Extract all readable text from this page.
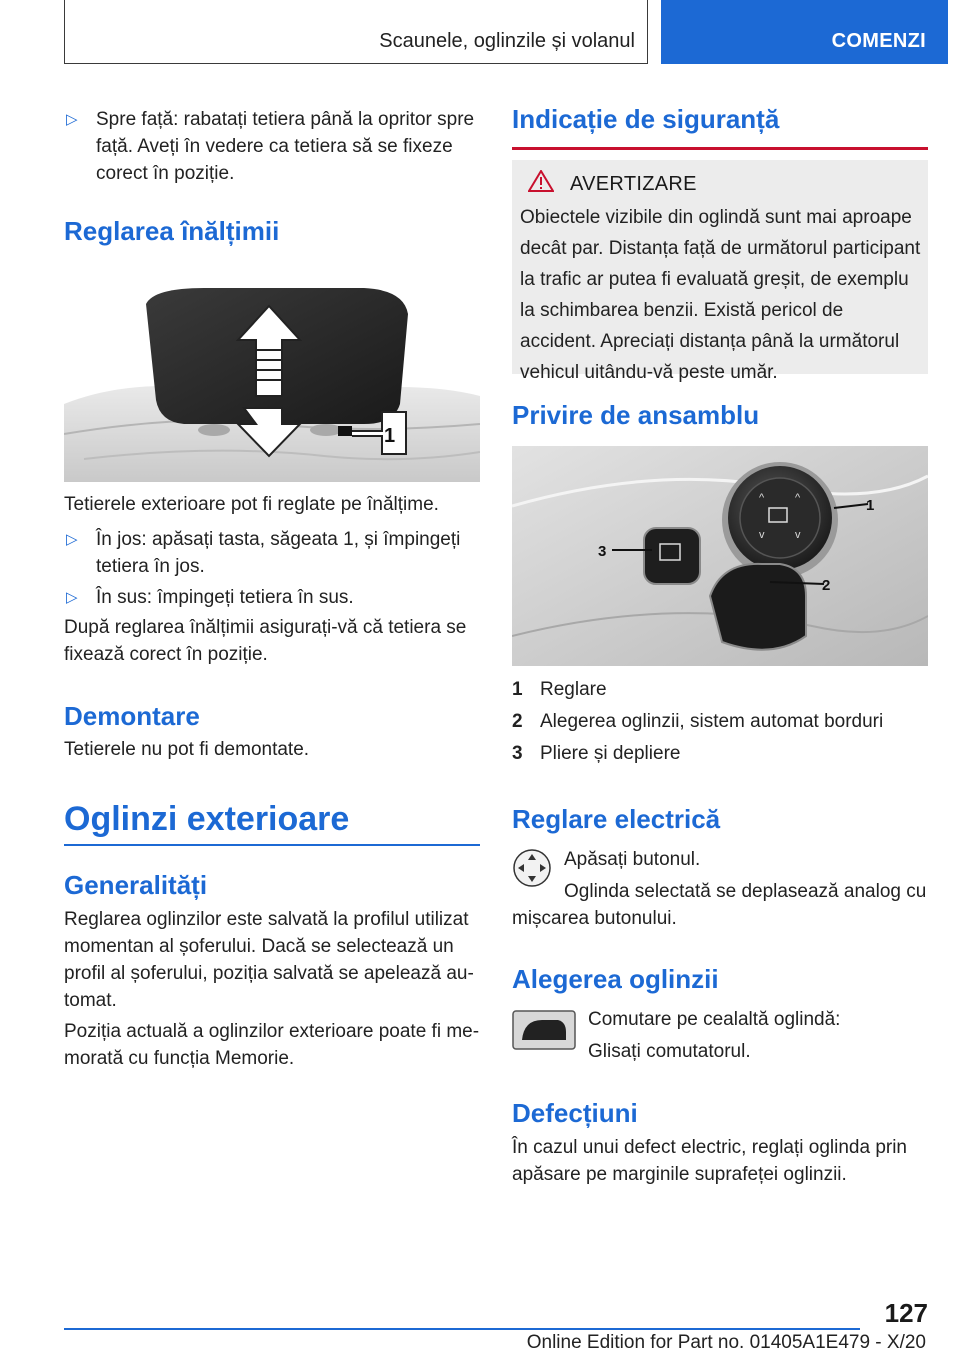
Scaunele, oglinzile și volanul	COMENZI
▷ Spre față: rabatați tetiera până la opritor spre față. Aveți în vedere ca tetiera să se fixeze corect în poziție.
Reglarea înălțimii
1

Tetierele exterioare pot fi reglate pe înălțime.

▷ În jos: apăsați tasta, săgeata 1, și împingeți tetiera în jos.
▷ În sus: împingeți tetiera în sus.

După reglarea înălțimii asigurați-vă că tetiera se fixează corect în poziție.

Demontare

Tetierele nu pot fi demontate.

Oglinzi exterioare
Generalități

Reglarea oglinzilor este salvată la profilul utilizat momentan al șoferului. Dacă se selectează un profil al șoferului, poziția salvată se apelează automat.

Poziția actuală a oglinzilor exterioare poate fi memorată cu funcția Memorie.

Indicație de siguranță
AVERTIZARE

Obiectele vizibile din oglindă sunt mai aproape decât par. Distanța față de următorul participant la trafic ar putea fi evaluată greșit, de exemplu la schimbarea benzii. Există pericol de accident. Apreciați distanța până la următorul vehicul uitându-vă peste umăr.

Privire de ansamblu
^	^
v	v
1
2
3
1 Reglare
2 Alegerea oglinzii, sistem automat borduri
3 Pliere și depliere
Reglare electrică

Apăsați butonul.

Oglinda selectată se deplasează analog cu mișcarea butonului.

Alegerea oglinzii

Comutare pe cealaltă oglindă:

Glisați comutatorul.

Defecțiuni

În cazul unui defect electric, reglați oglinda prin apăsare pe marginile suprafeței oglinzii.

127
Online Edition for Part no. 01405A1E479 - X/20
